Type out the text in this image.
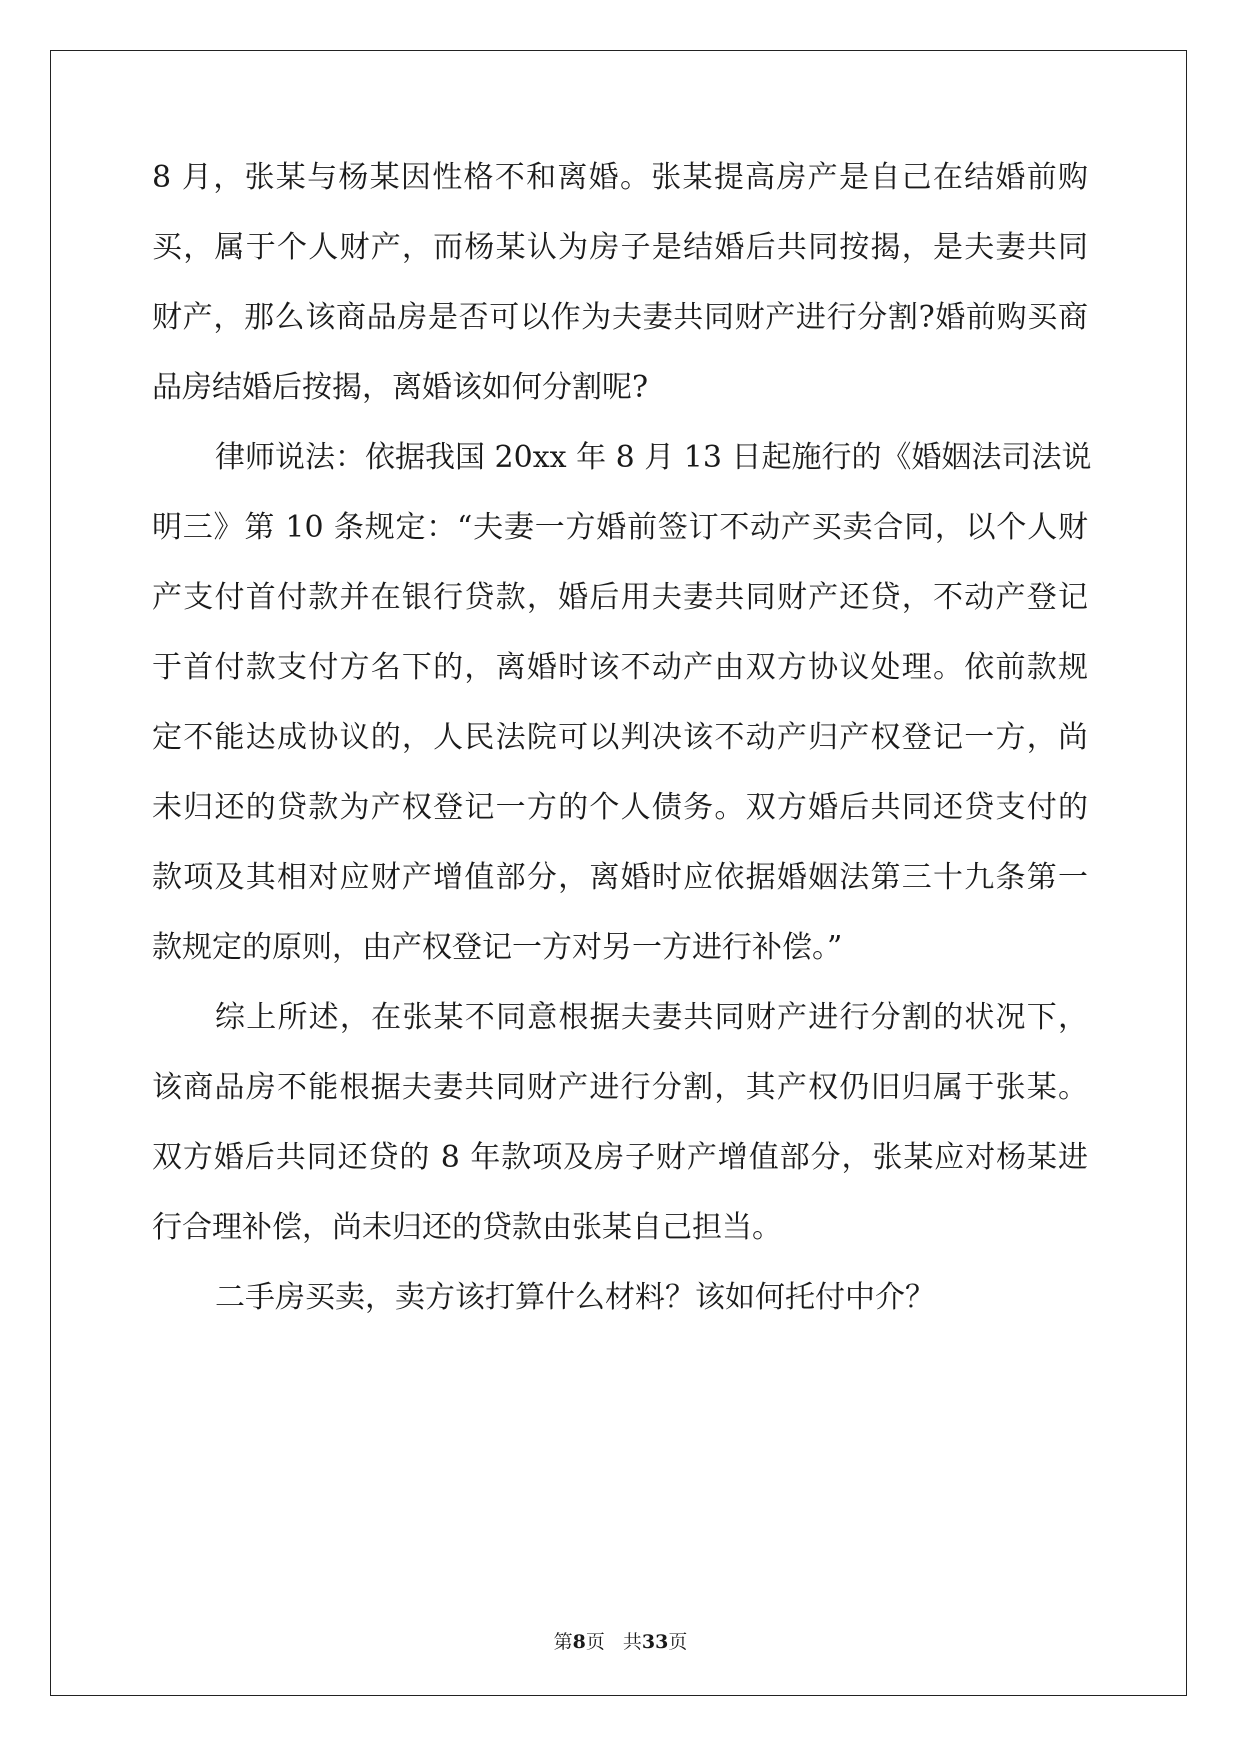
8 月，张某与杨某因性格不和离婚。张某提高房产是自己在结婚前购
买，属于个人财产，而杨某认为房子是结婚后共同按揭，是夫妻共同
财产，那么该商品房是否可以作为夫妻共同财产进行分割?婚前购买商
品房结婚后按揭，离婚该如何分割呢?
律师说法：依据我国 20xx 年 8 月 13 日起施行的《婚姻法司法说
明三》第 10 条规定：“夫妻一方婚前签订不动产买卖合同，以个人财
产支付首付款并在银行贷款，婚后用夫妻共同财产还贷，不动产登记
于首付款支付方名下的，离婚时该不动产由双方协议处理。依前款规
定不能达成协议的，人民法院可以判决该不动产归产权登记一方，尚
未归还的贷款为产权登记一方的个人债务。双方婚后共同还贷支付的
款项及其相对应财产增值部分，离婚时应依据婚姻法第三十九条第一
款规定的原则，由产权登记一方对另一方进行补偿。”
综上所述，在张某不同意根据夫妻共同财产进行分割的状况下，
该商品房不能根据夫妻共同财产进行分割，其产权仍旧归属于张某。
双方婚后共同还贷的 8 年款项及房子财产增值部分，张某应对杨某进
行合理补偿，尚未归还的贷款由张某自己担当。
二手房买卖，卖方该打算什么材料？该如何托付中介？
第8页 共33页
